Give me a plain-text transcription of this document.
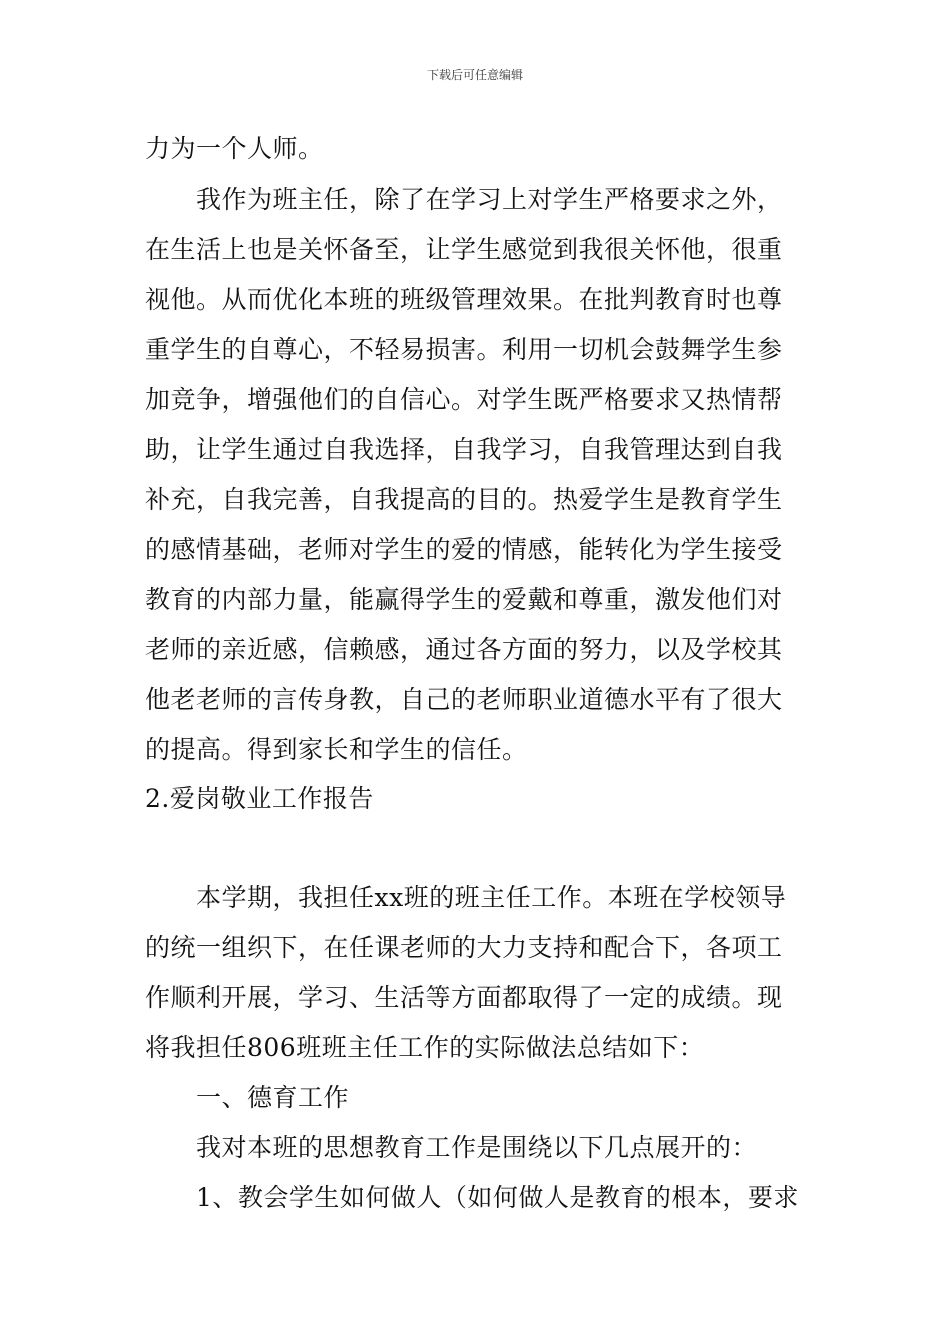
下载后可任意编辑
力为一个人师。
我作为班主任，除了在学习上对学生严格要求之外，
在生活上也是关怀备至，让学生感觉到我很关怀他，很重
视他。从而优化本班的班级管理效果。在批判教育时也尊
重学生的自尊心，不轻易损害。利用一切机会鼓舞学生参
加竞争，增强他们的自信心。对学生既严格要求又热情帮
助，让学生通过自我选择，自我学习，自我管理达到自我
补充，自我完善，自我提高的目的。热爱学生是教育学生
的感情基础，老师对学生的爱的情感，能转化为学生接受
教育的内部力量，能赢得学生的爱戴和尊重，激发他们对
老师的亲近感，信赖感，通过各方面的努力，以及学校其
他老老师的言传身教，自己的老师职业道德水平有了很大
的提高。得到家长和学生的信任。
2.爱岗敬业工作报告
本学期，我担任xx班的班主任工作。本班在学校领导
的统一组织下，在任课老师的大力支持和配合下，各项工
作顺利开展，学习、生活等方面都取得了一定的成绩。现
将我担任806班班主任工作的实际做法总结如下：
一、德育工作
我对本班的思想教育工作是围绕以下几点展开的：
1、教会学生如何做人（如何做人是教育的根本，要求
